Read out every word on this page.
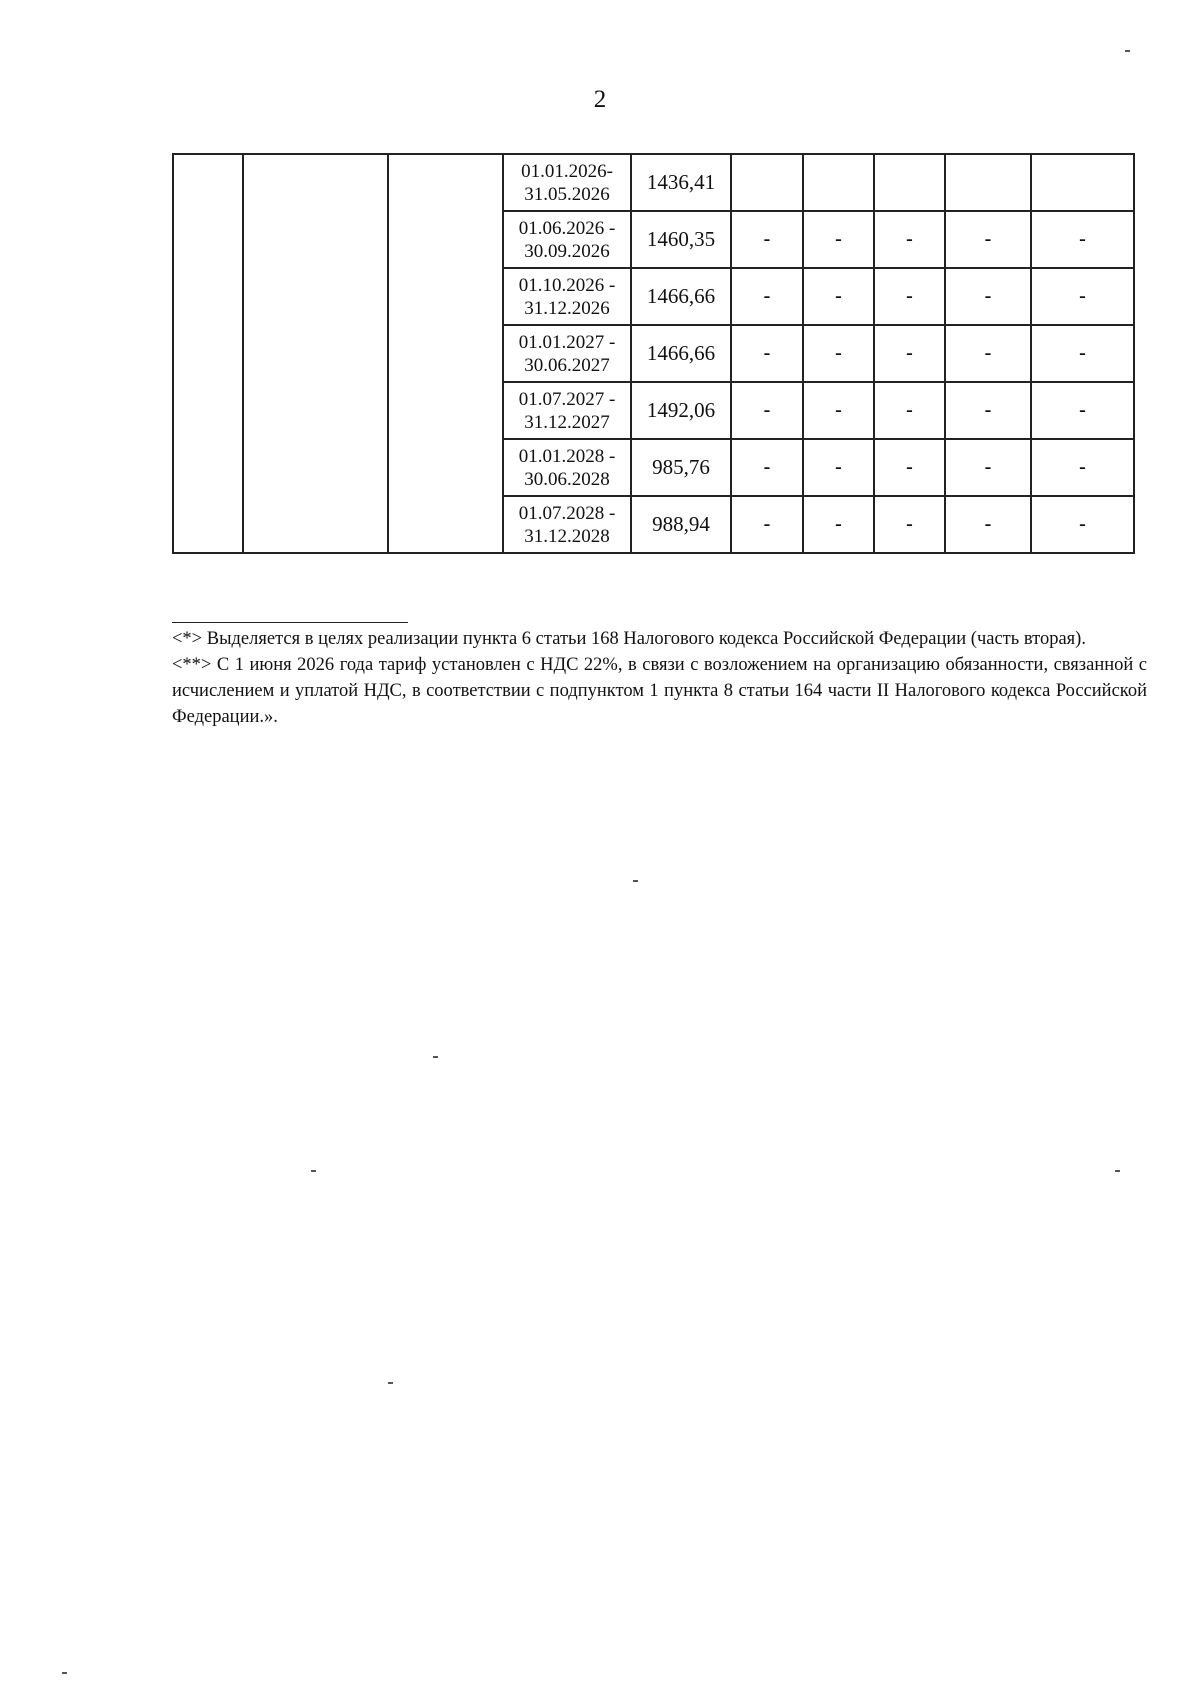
2
			01.01.2026-
31.05.2026	1436,41					
			01.06.2026 -
30.09.2026	1460,35	-	-	-	-	-
			01.10.2026 -
31.12.2026	1466,66	-	-	-	-	-
			01.01.2027 -
30.06.2027	1466,66	-	-	-	-	-
			01.07.2027 -
31.12.2027	1492,06	-	-	-	-	-
			01.01.2028 -
30.06.2028	985,76	-	-	-	-	-
			01.07.2028 -
31.12.2028	988,94	-	-	-	-	-

<*> Выделяется в целях реализации пункта 6 статьи 168 Налогового кодекса Российской Федерации (часть вторая).

<**> С 1 июня 2026 года тариф установлен с НДС 22%, в связи с возложением на организацию обязанности, связанной с исчислением и уплатой НДС, в соответствии с подпунктом 1 пункта 8 статьи 164 части II Налогового кодекса Российской Федерации.».
